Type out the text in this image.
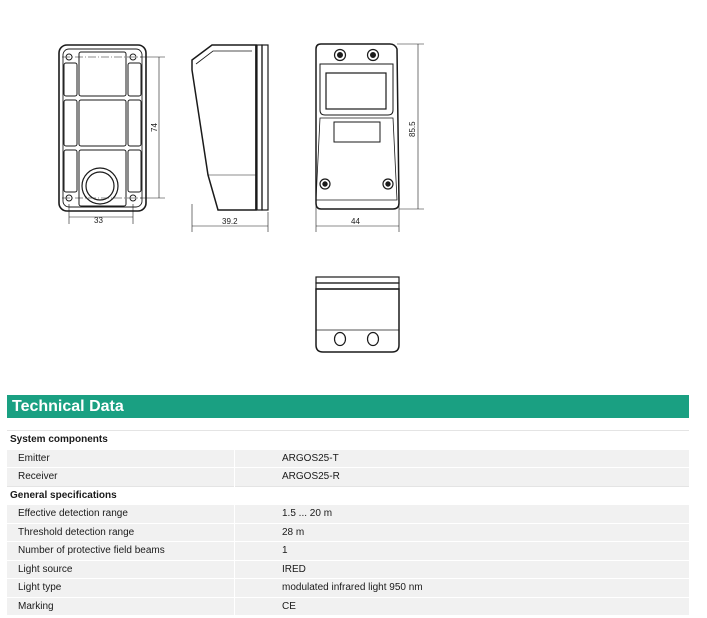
33
74
39.2	44
85.5
Technical Data
System components	
Emitter	ARGOS25-T
Receiver	ARGOS25-R
General specifications	
Effective detection range	1.5 ... 20 m
Threshold detection range	28 m
Number of protective field beams	1
Light source	IRED
Light type	modulated infrared light 950 nm
Marking	CE
